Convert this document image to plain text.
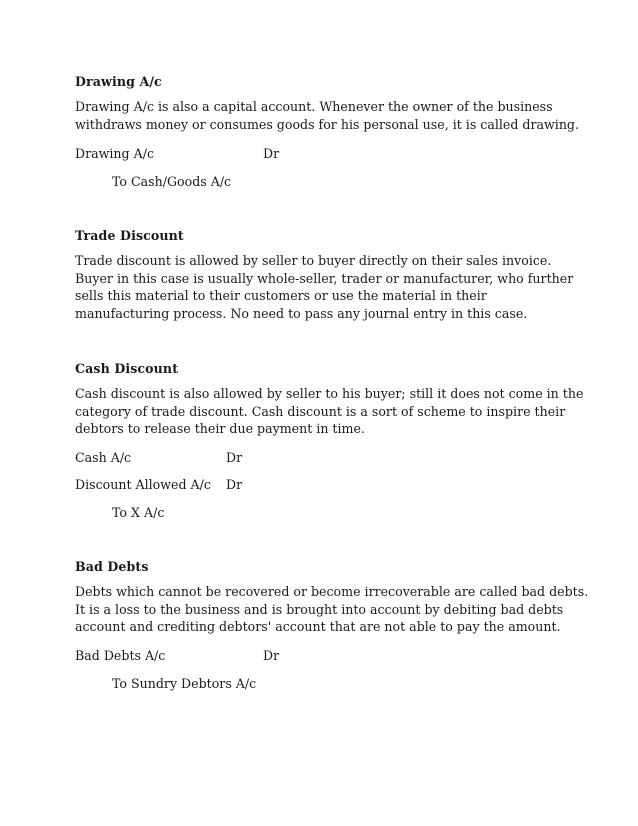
Drawing A/c
Drawing A/c is also a capital account. Whenever the owner of the business
withdraws money or consumes goods for his personal use, it is called drawing.
Drawing A/c	Dr
To Cash/Goods A/c
Trade Discount
Trade discount is allowed by seller to buyer directly on their sales invoice.
Buyer in this case is usually whole-seller, trader or manufacturer, who further
sells this material to their customers or use the material in their
manufacturing process. No need to pass any journal entry in this case.
Cash Discount
Cash discount is also allowed by seller to his buyer; still it does not come in the
category of trade discount. Cash discount is a sort of scheme to inspire their
debtors to release their due payment in time.
Cash A/c	Dr
Discount Allowed A/c Dr
To X A/c
Bad Debts
Debts which cannot be recovered or become irrecoverable are called bad debts.
It is a loss to the business and is brought into account by debiting bad debts
account and crediting debtors' account that are not able to pay the amount.
Bad Debts A/c	Dr
To Sundry Debtors A/c
